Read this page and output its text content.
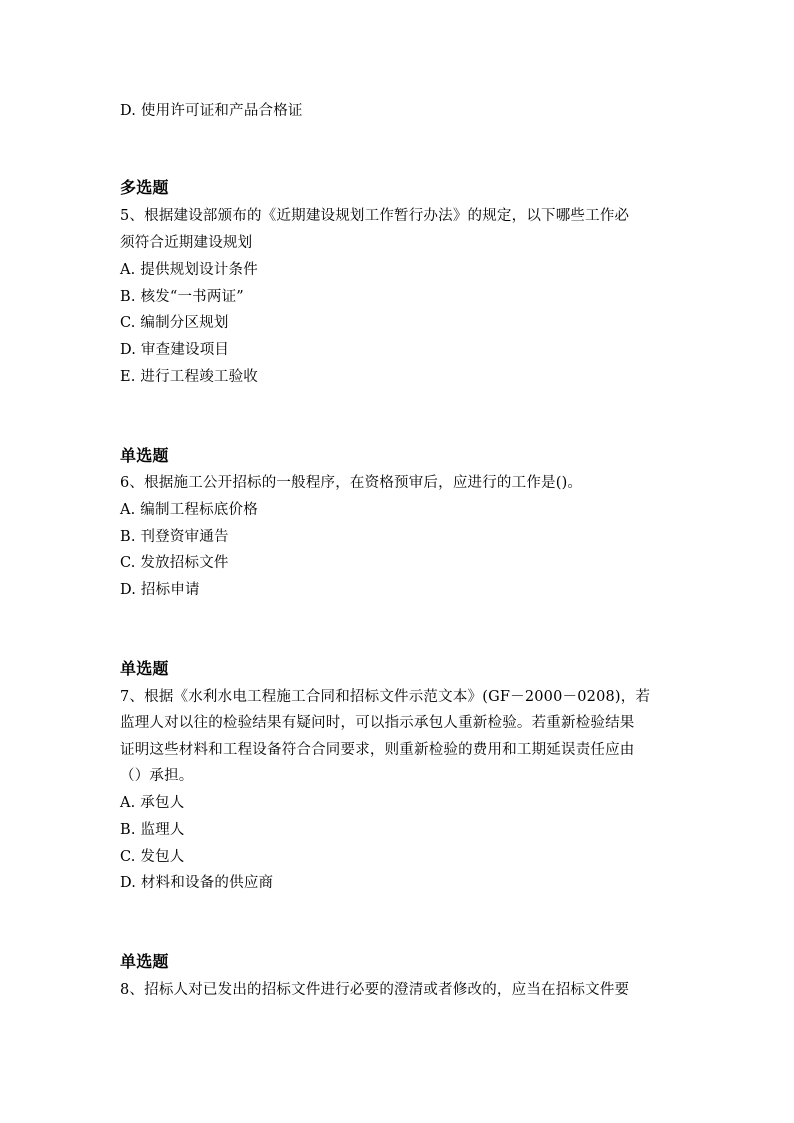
D. 使用许可证和产品合格证
多选题
5、根据建设部颁布的《近期建设规划工作暂行办法》的规定，以下哪些工作必
须符合近期建设规划
A. 提供规划设计条件
B. 核发“一书两证”
C. 编制分区规划
D. 审查建设项目
E. 进行工程竣工验收
单选题
6、根据施工公开招标的一般程序，在资格预审后，应进行的工作是()。
A. 编制工程标底价格
B. 刊登资审通告
C. 发放招标文件
D. 招标申请
单选题
7、根据《水利水电工程施工合同和招标文件示范文本》(GF－2000－0208)，若
监理人对以往的检验结果有疑问时，可以指示承包人重新检验。若重新检验结果
证明这些材料和工程设备符合合同要求，则重新检验的费用和工期延误责任应由
（）承担。
A. 承包人
B. 监理人
C. 发包人
D. 材料和设备的供应商
单选题
8、招标人对已发出的招标文件进行必要的澄清或者修改的，应当在招标文件要
